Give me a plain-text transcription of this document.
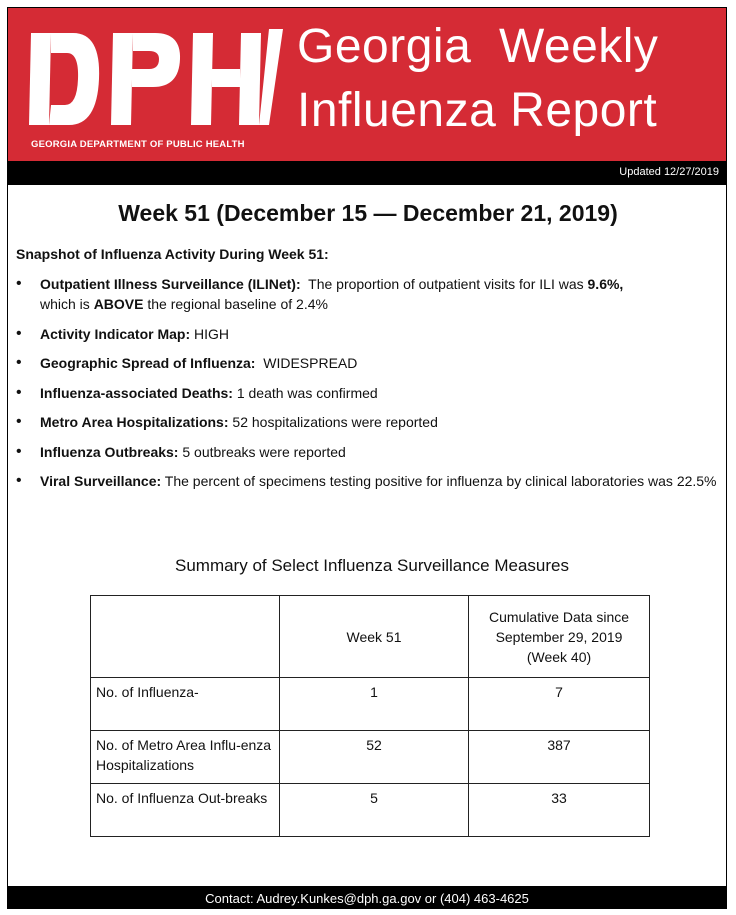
GEORGIA DEPARTMENT OF PUBLIC HEALTH
Georgia  Weekly
Influenza Report
Updated 12/27/2019
Week 51 (December 15 — December 21, 2019)
Snapshot of Influenza Activity During Week 51:
• Outpatient Illness Surveillance (ILINet): The proportion of outpatient visits for ILI was 9.6%,
which is ABOVE the regional baseline of 2.4%
• Activity Indicator Map: HIGH
• Geographic Spread of Influenza: WIDESPREAD
• Influenza-associated Deaths: 1 death was confirmed
• Metro Area Hospitalizations: 52 hospitalizations were reported
• Influenza Outbreaks: 5 outbreaks were reported
• Viral Surveillance: The percent of specimens testing positive for influenza by clinical laboratories was 22.5%
Summary of Select Influenza Surveillance Measures
	Week 51	Cumulative Data since September 29, 2019 (Week 40)
No. of Influenza-	1	7
No. of Metro Area Influ-enza Hospitalizations	52	387
No. of Influenza Out-breaks	5	33
Contact: Audrey.Kunkes@dph.ga.gov or (404) 463-4625
